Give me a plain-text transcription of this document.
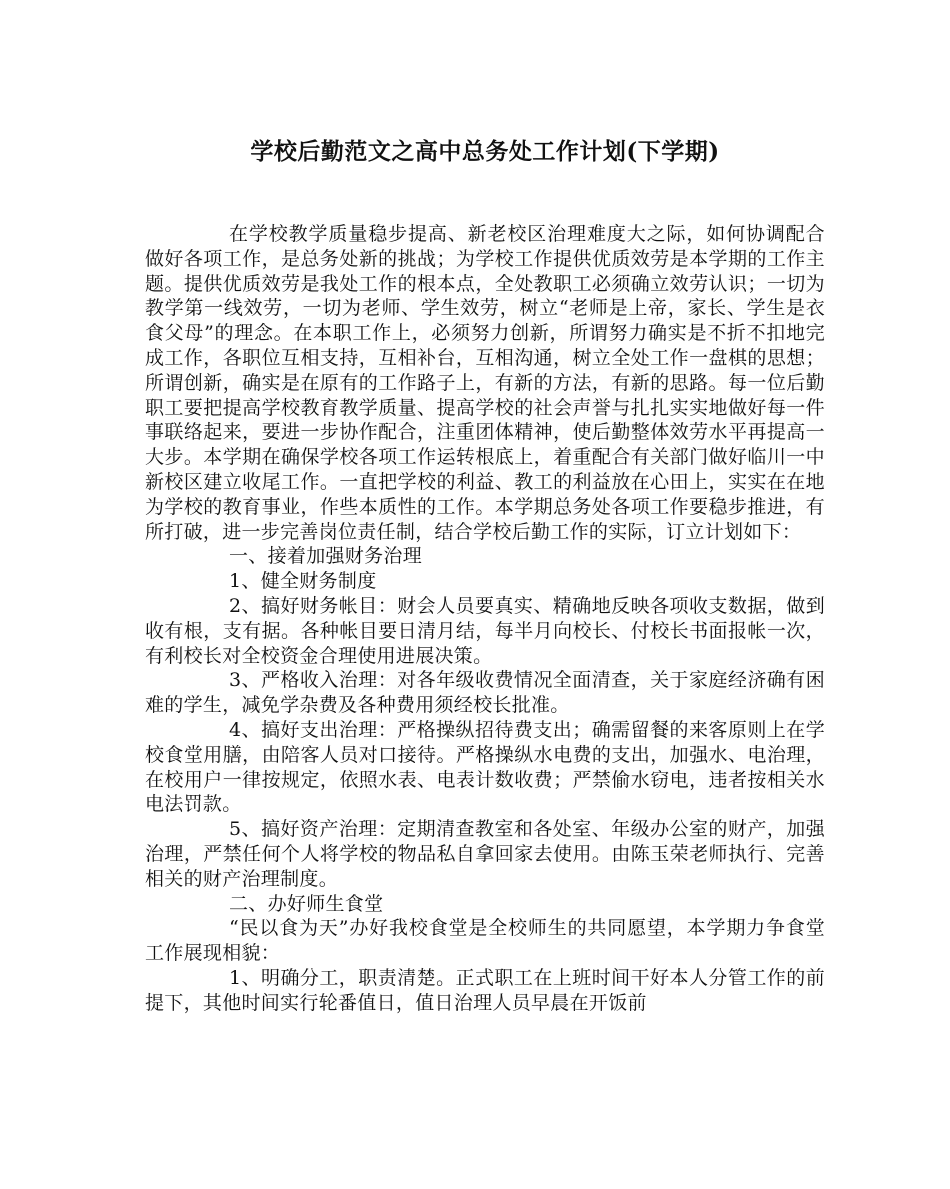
学校后勤范文之高中总务处工作计划(下学期)

在学校教学质量稳步提高、新老校区治理难度大之际，如何协调配合做好各项工作，是总务处新的挑战；为学校工作提供优质效劳是本学期的工作主题。提供优质效劳是我处工作的根本点，全处教职工必须确立效劳认识；一切为教学第一线效劳，一切为老师、学生效劳，树立“老师是上帝，家长、学生是衣食父母”的理念。在本职工作上，必须努力创新，所谓努力确实是不折不扣地完成工作，各职位互相支持，互相补台，互相沟通，树立全处工作一盘棋的思想；所谓创新，确实是在原有的工作路子上，有新的方法，有新的思路。每一位后勤职工要把提高学校教育教学质量、提高学校的社会声誉与扎扎实实地做好每一件事联络起来，要进一步协作配合，注重团体精神，使后勤整体效劳水平再提高一大步。本学期在确保学校各项工作运转根底上，着重配合有关部门做好临川一中新校区建立收尾工作。一直把学校的利益、教工的利益放在心田上，实实在在地为学校的教育事业，作些本质性的工作。本学期总务处各项工作要稳步推进，有所打破，进一步完善岗位责任制，结合学校后勤工作的实际，订立计划如下：

一、接着加强财务治理

1、健全财务制度

2、搞好财务帐目：财会人员要真实、精确地反映各项收支数据，做到收有根，支有据。各种帐目要日清月结，每半月向校长、付校长书面报帐一次，有利校长对全校资金合理使用进展决策。

3、严格收入治理：对各年级收费情况全面清查，关于家庭经济确有困难的学生，减免学杂费及各种费用须经校长批准。

4、搞好支出治理：严格操纵招待费支出；确需留餐的来客原则上在学校食堂用膳，由陪客人员对口接待。严格操纵水电费的支出，加强水、电治理，在校用户一律按规定，依照水表、电表计数收费；严禁偷水窃电，违者按相关水电法罚款。

5、搞好资产治理：定期清查教室和各处室、年级办公室的财产，加强治理，严禁任何个人将学校的物品私自拿回家去使用。由陈玉荣老师执行、完善相关的财产治理制度。

二、办好师生食堂

“民以食为天”办好我校食堂是全校师生的共同愿望，本学期力争食堂工作展现相貌：

1、明确分工，职责清楚。正式职工在上班时间干好本人分管工作的前提下，其他时间实行轮番值日，值日治理人员早晨在开饭前
